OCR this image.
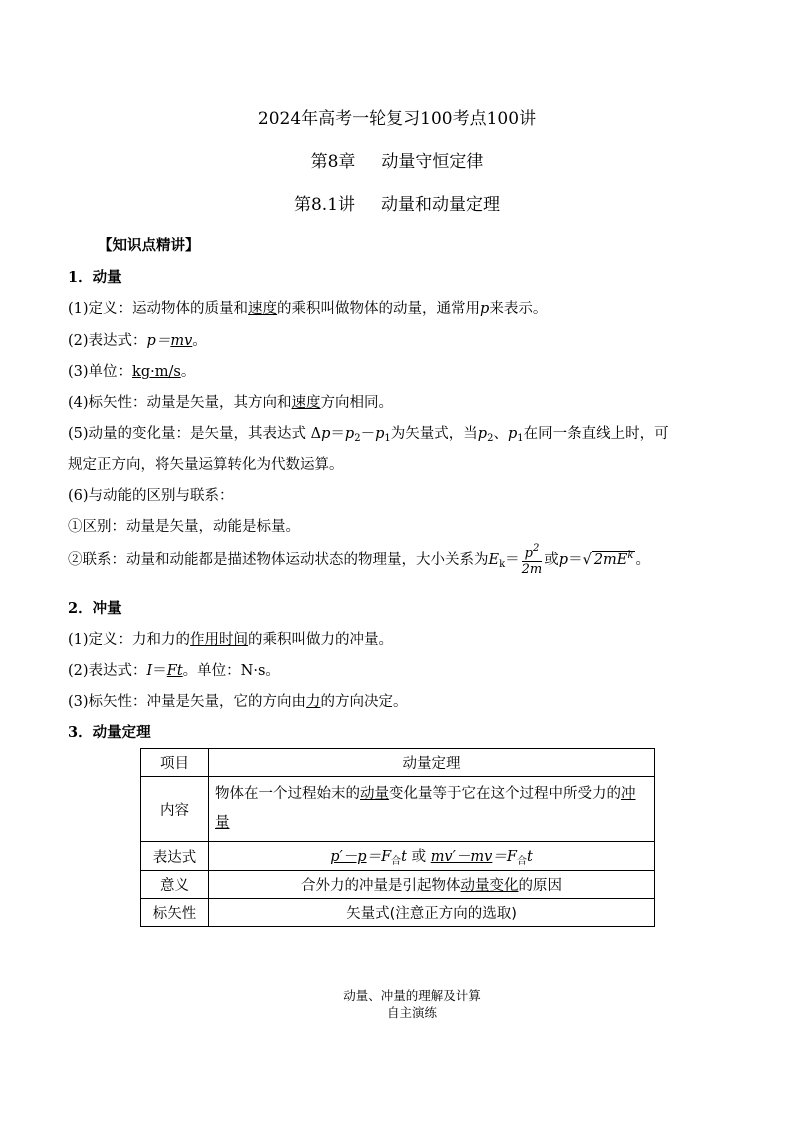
2024年高考一轮复习100考点100讲
第8章 动量守恒定律
第8.1讲 动量和动量定理
【知识点精讲】
1．动量
(1)定义：运动物体的质量和速度的乘积叫做物体的动量，通常用p来表示。
(2)表达式：p＝mv。
(3)单位：kg·m/s。
(4)标矢性：动量是矢量，其方向和速度方向相同。
(5)动量的变化量：是矢量，其表达式 $\Delta p=p_2-p_1$为矢量式，当$p_2$、$p_1$在同一条直线上时，可
规定正方向，将矢量运算转化为代数运算。
(6)与动能的区别与联系：
①区别：动量是矢量，动能是标量。
②联系：动量和动能都是描述物体运动状态的物理量，大小关系为$E_k= \frac{p^2}{2m}$ 或p＝√ $2mE^k$ 。
2．冲量
(1)定义：力和力的作用时间的乘积叫做力的冲量。
(2)表达式：I＝Ft。单位：N·s。
(3)标矢性：冲量是矢量，它的方向由力的方向决定。
3．动量定理
项目	动量定理
内容	物体在一个过程始末的动量变化量等于它在这个过程中所受力的冲量
表达式	$p'-p=F_合t$ 或 $mv'-mv=F_合t$
意义	合外力的冲量是引起物体动量变化的原因
标矢性	矢量式(注意正方向的选取)
动量、冲量的理解及计算
自主演练
